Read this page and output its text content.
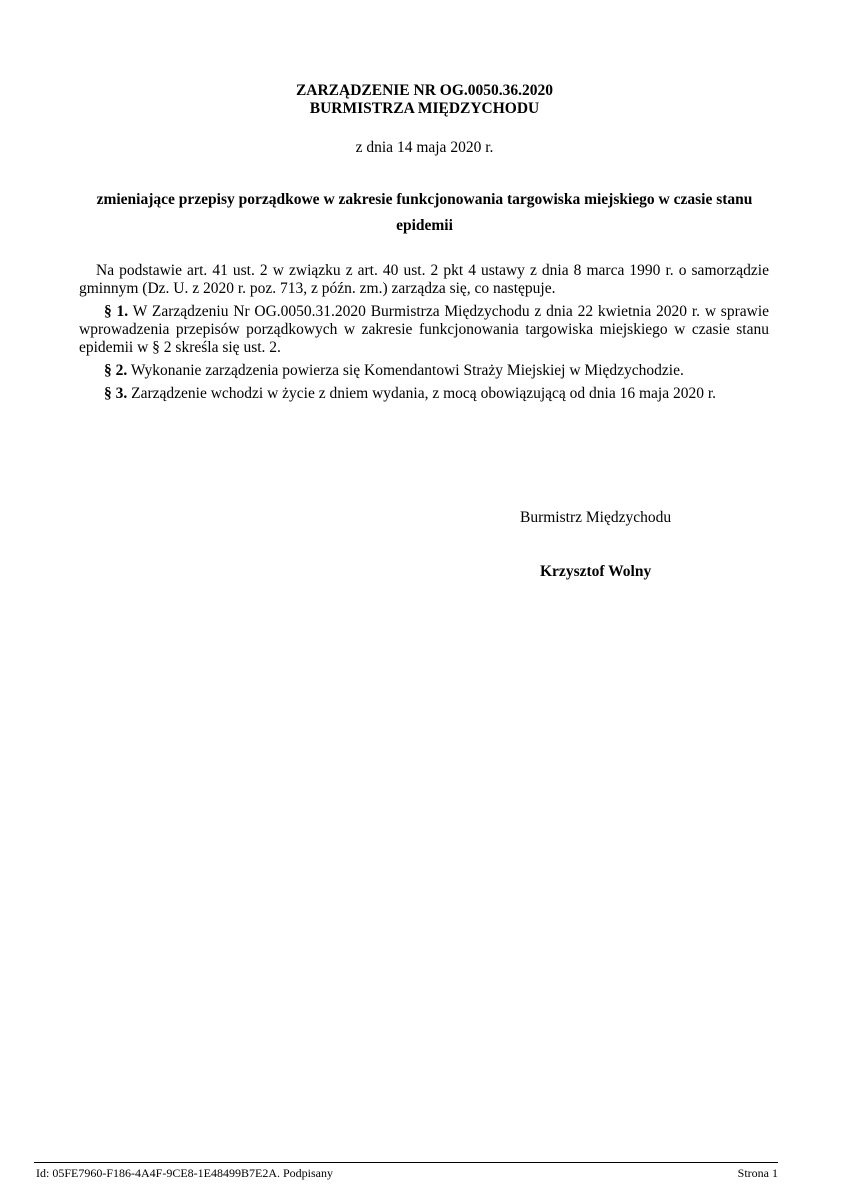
ZARZĄDZENIE NR OG.0050.36.2020
BURMISTRZA MIĘDZYCHODU
z dnia 14 maja 2020 r.
zmieniające przepisy porządkowe w zakresie funkcjonowania targowiska miejskiego w czasie stanu epidemii

Na podstawie art. 41 ust. 2 w związku z art. 40 ust. 2 pkt 4 ustawy z dnia 8 marca 1990 r. o samorządzie gminnym (Dz. U. z 2020 r. poz. 713, z późn. zm.) zarządza się, co następuje.

§ 1. W Zarządzeniu Nr OG.0050.31.2020 Burmistrza Międzychodu z dnia 22 kwietnia 2020 r. w sprawie wprowadzenia przepisów porządkowych w zakresie funkcjonowania targowiska miejskiego w czasie stanu epidemii w § 2 skreśla się ust. 2.

§ 2. Wykonanie zarządzenia powierza się Komendantowi Straży Miejskiej w Międzychodzie.

§ 3. Zarządzenie wchodzi w życie z dniem wydania, z mocą obowiązującą od dnia 16 maja 2020 r.

Burmistrz Międzychodu
Krzysztof Wolny
Id: 05FE7960-F186-4A4F-9CE8-1E48499B7E2A. Podpisany	Strona 1
